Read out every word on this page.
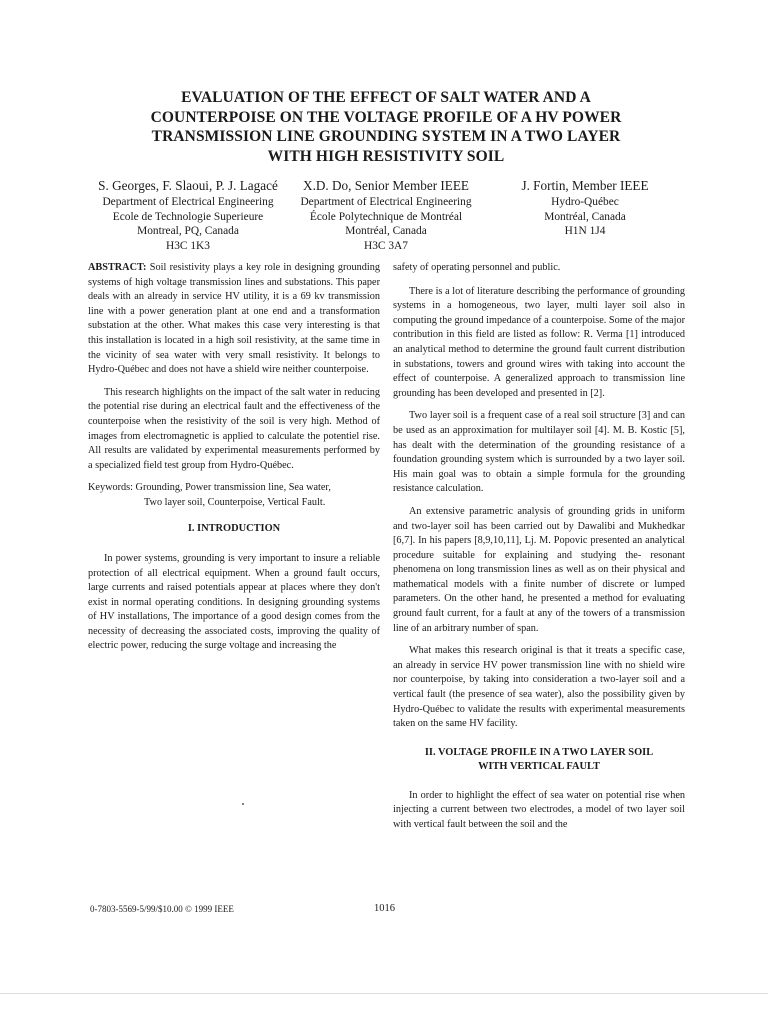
EVALUATION OF THE EFFECT OF SALT WATER AND A
COUNTERPOISE ON THE VOLTAGE PROFILE OF A HV POWER
TRANSMISSION LINE GROUNDING SYSTEM IN A TWO LAYER
WITH HIGH RESISTIVITY SOIL
S. Georges, F. Slaoui, P. J. Lagacé
Department of Electrical Engineering
Ecole de Technologie Superieure
Montreal, PQ, Canada
H3C 1K3
X.D. Do, Senior Member IEEE
Department of Electrical Engineering
École Polytechnique de Montréal
Montréal, Canada
H3C 3A7
J. Fortin, Member IEEE
Hydro-Québec
Montréal, Canada
H1N 1J4

ABSTRACT: Soil resistivity plays a key role in designing grounding systems of high voltage transmission lines and substations. This paper deals with an already in service HV utility, it is a 69 kv transmission line with a power generation plant at one end and a transformation substation at the other. What makes this case very interesting is that this installation is located in a high soil resistivity, at the same time in the vicinity of sea water with very small resistivity. It belongs to Hydro-Québec and does not have a shield wire neither counterpoise.

This research highlights on the impact of the salt water in reducing the potential rise during an electrical fault and the effectiveness of the counterpoise when the resistivity of the soil is very high. Method of images from electromagnetic is applied to calculate the potentiel rise. All results are validated by experimental measurements performed by a specialized field test group from Hydro-Québec.

Keywords: Grounding, Power transmission line, Sea water,

Two layer soil, Counterpoise, Vertical Fault.

I. INTRODUCTION

In power systems, grounding is very important to insure a reliable protection of all electrical equipment. When a ground fault occurs, large currents and raised potentials appear at places where they don't exist in normal operating conditions. In designing grounding systems of HV installations, The importance of a good design comes from the necessity of decreasing the associated costs, improving the quality of electric power, reducing the surge voltage and increasing the

safety of operating personnel and public.

There is a lot of literature describing the performance of grounding systems in a homogeneous, two layer, multi layer soil also in computing the ground impedance of a counterpoise. Some of the major contribution in this field are listed as follow: R. Verma [1] introduced an analytical method to determine the ground fault current distribution in substations, towers and ground wires with taking into account the effect of counterpoise. A generalized approach to transmission line grounding has been developed and presented in [2].

Two layer soil is a frequent case of a real soil structure [3] and can be used as an approximation for multilayer soil [4]. M. B. Kostic [5], has dealt with the determination of the grounding resistance of a foundation grounding system which is surrounded by a two layer soil. His main goal was to obtain a simple formula for the grounding resistance calculation.

An extensive parametric analysis of grounding grids in uniform and two-layer soil has been carried out by Dawalibi and Mukhedkar [6,7]. In his papers [8,9,10,11], Lj. M. Popovic presented an analytical procedure suitable for explaining and studying the- resonant phenomena on long transmission lines as well as on their physical and mathematical models with a finite number of discrete or lumped parameters. On the other hand, he presented a method for evaluating ground fault current, for a fault at any of the towers of a transmission line of an arbitrary number of span.

What makes this research original is that it treats a specific case, an already in service HV power transmission line with no shield wire nor counterpoise, by taking into consideration a two-layer soil and a vertical fault (the presence of sea water), also the possibility given by Hydro-Québec to validate the results with experimental measurements taken on the same HV facility.

II. VOLTAGE PROFILE IN A TWO LAYER SOIL
WITH VERTICAL FAULT

In order to highlight the effect of sea water on potential rise when injecting a current between two electrodes, a model of two layer soil with vertical fault between the soil and the

0-7803-5569-5/99/$10.00 © 1999 IEEE	1016
